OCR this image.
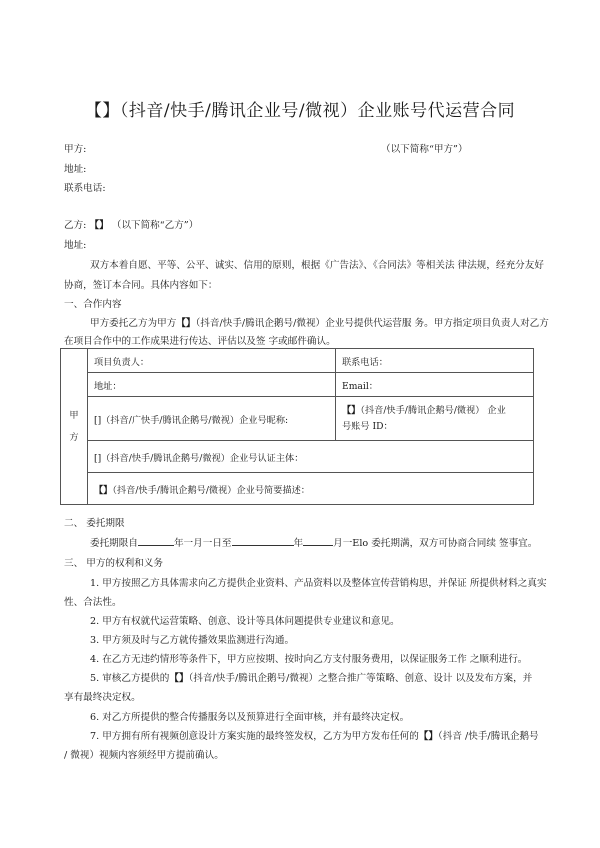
【】（抖音/快手/腾讯企业号/微视）企业账号代运营合同
甲方:	（以下简称“甲方”）
地址:
联系电话:
乙方: 【】 （以下简称“乙方”）
地址:
双方本着自愿、平等、公平、诚实、信用的原则，根据《广告法》、《合同法》等相关法 律法规，经充分友好
协商，签订本合同。具体内容如下：
一、合作内容
甲方委托乙方为甲方【】（抖音/快手/腾讯企鹅号/微视）企业号提供代运营服 务。甲方指定项目负责人对乙方
在项目合作中的工作成果进行传达、评估以及签 字或邮件确认。
甲
方	项目负责人：	联系电话：
	地址：	Email：
	[]（抖音/广快手/腾讯企鹅号/微视）企业号昵称:	【】（抖音/快手/腾讯企鹅号/微视） 企业
号账号 ID：

	[]（抖音/快手/腾讯企鹅号/微视）企业号认证主体：	
	【】（抖音/快手/腾讯企鹅号/微视）企业号简要描述：	
二、 委托期限
委托期限自	年一月一日至	年	月一Elo 委托期满，双方可协商合同续 签事宜。
三、 甲方的权利和义务
1. 甲方按照乙方具体需求向乙方提供企业资料、产品资料以及整体宣传营销构思，并保证 所提供材料之真实
性、合法性。
2. 甲方有权就代运营策略、创意、设计等具体问题提供专业建议和意见。
3. 甲方须及时与乙方就传播效果监测进行沟通。
4. 在乙方无违约情形等条件下，甲方应按期、按时向乙方支付服务费用，以保证服务工作 之顺利进行。
5. 审核乙方提供的【】（抖音/快手/腾讯企鹅号/微视）之整合推广等策略、创意、设计 以及发布方案，并
享有最终决定权。
6. 对乙方所提供的整合传播服务以及预算进行全面审核，并有最终决定权。
7. 甲方拥有所有视频创意设计方案实施的最终签发权，乙方为甲方发布任何的【】（抖音 /快手/腾讯企鹅号
/ 微视）视频内容须经甲方提前确认。
